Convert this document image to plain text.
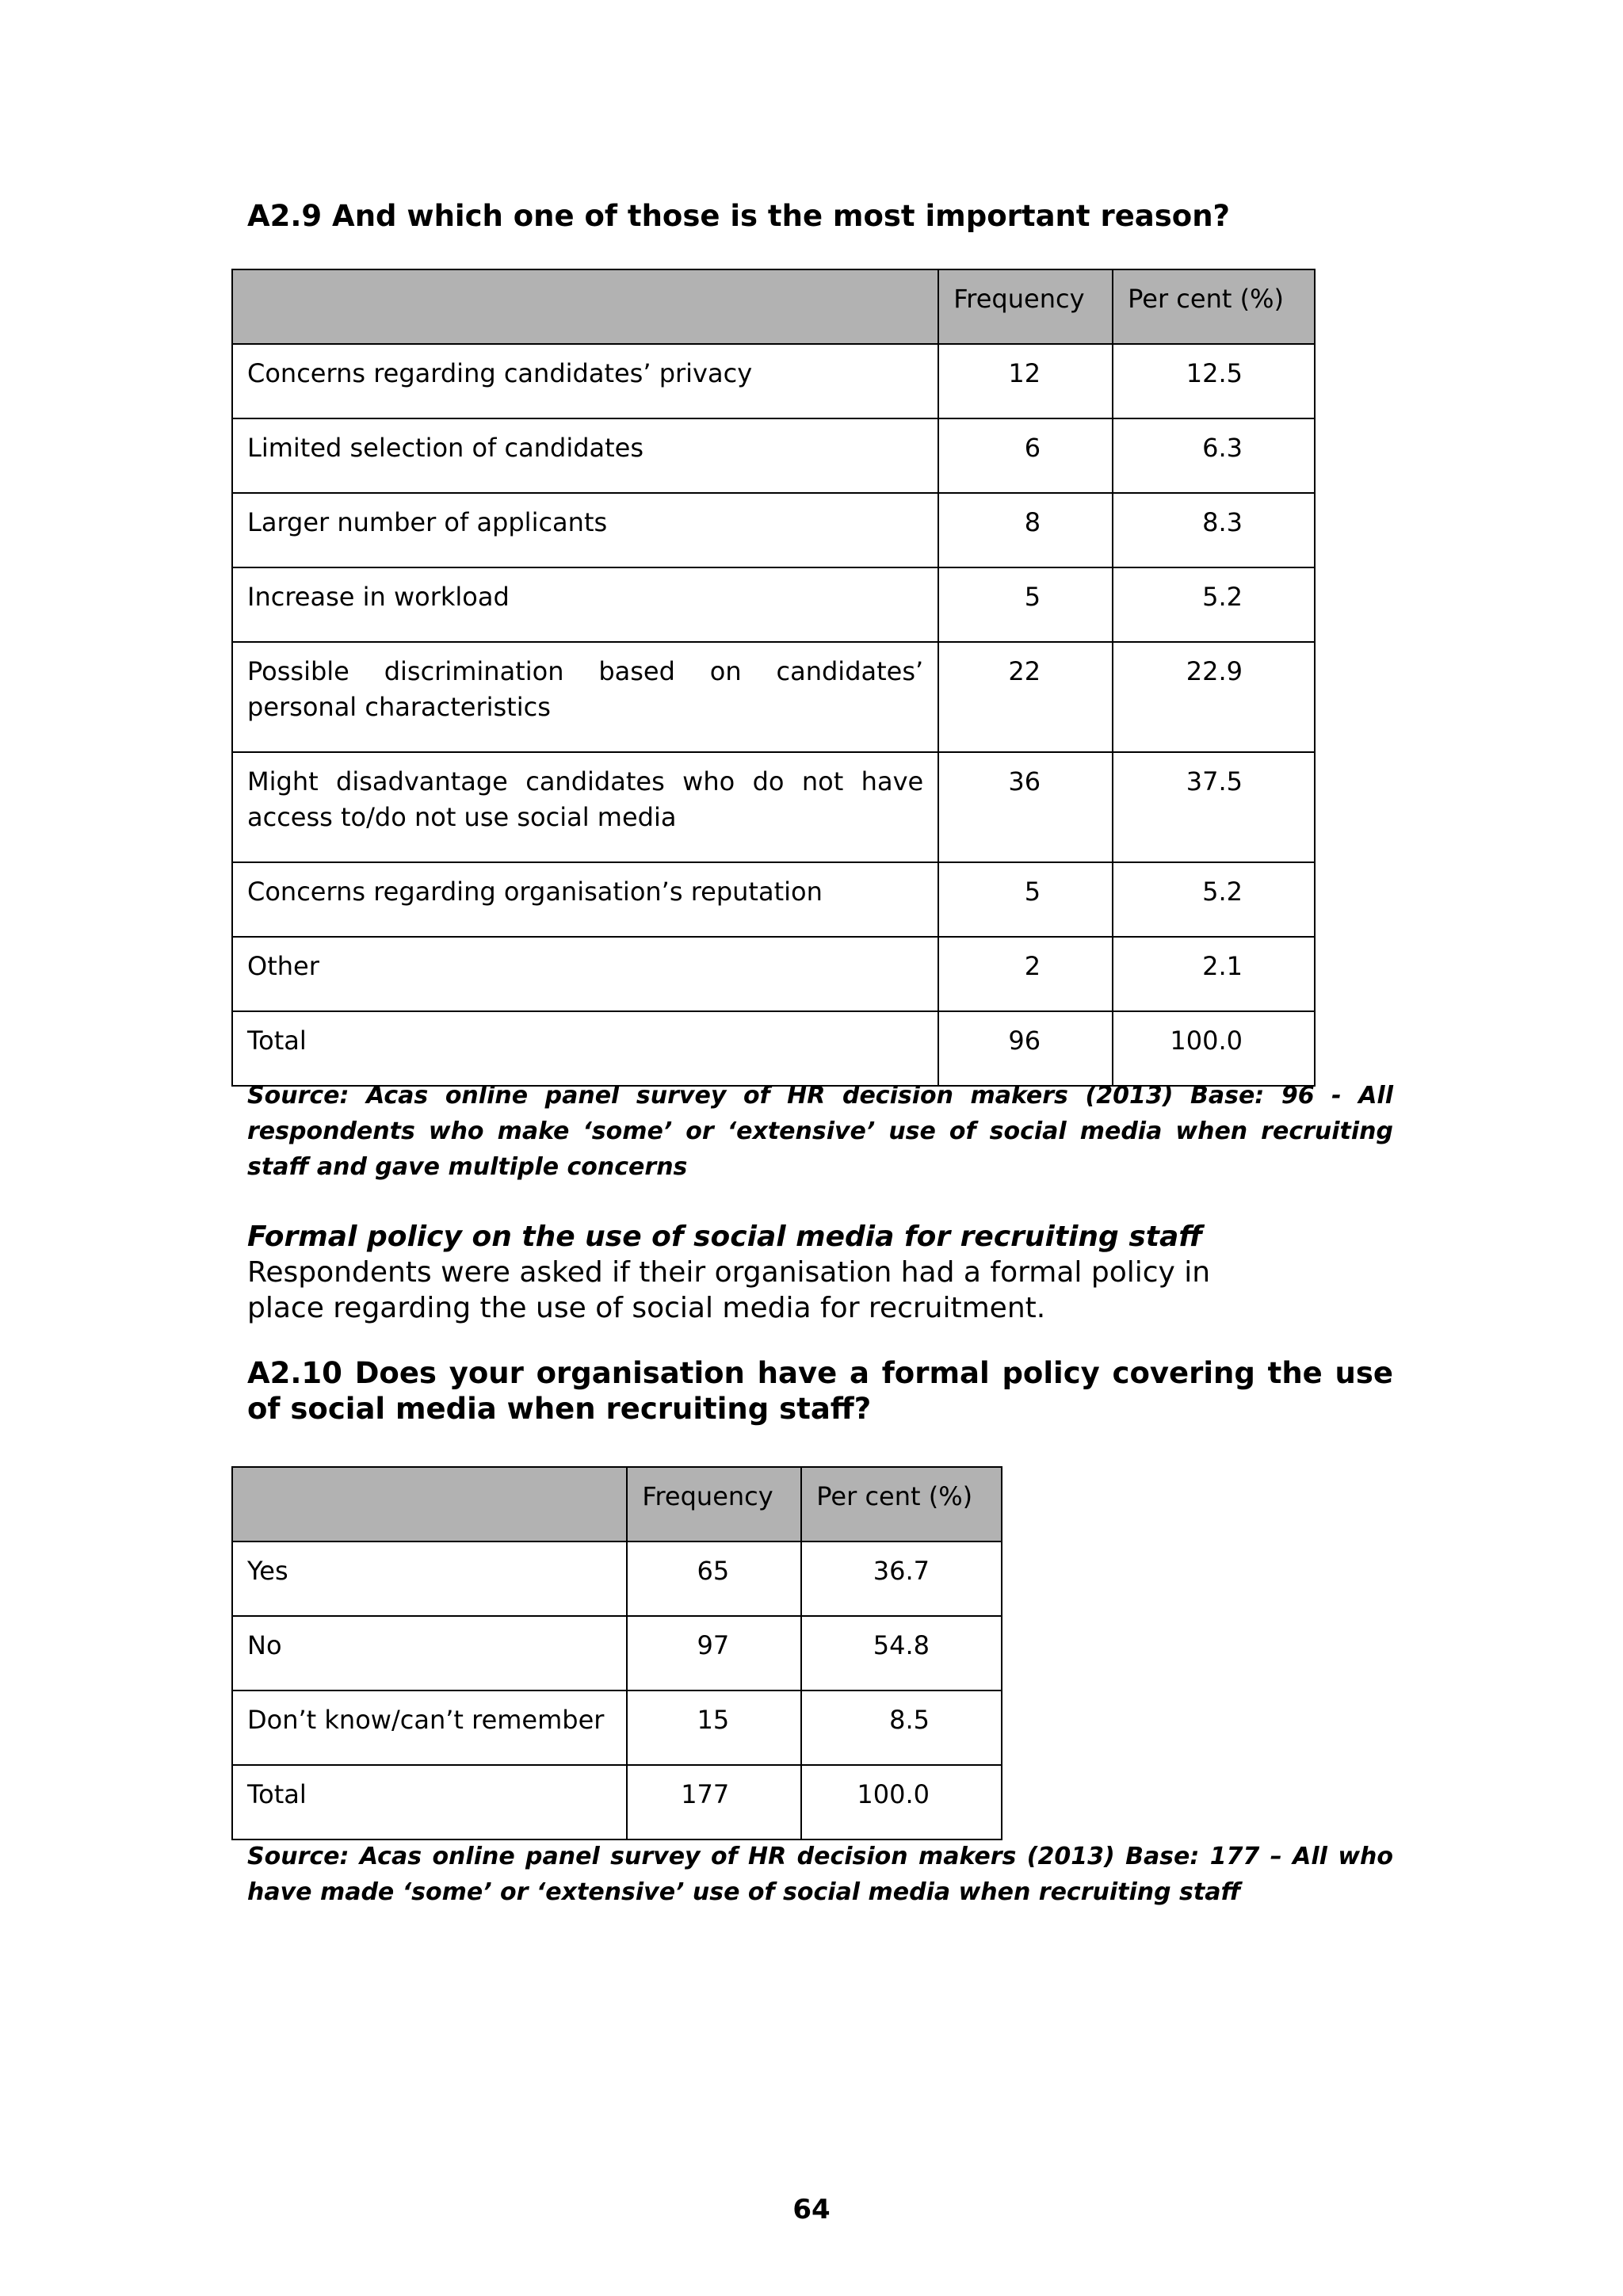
A2.9 And which one of those is the most important reason?
	Frequency	Per cent (%)
Concerns regarding candidates’ privacy	12	12.5
Limited selection of candidates	6	6.3
Larger number of applicants	8	8.3
Increase in workload	5	5.2
Possible discrimination based on candidates’ personal characteristics	22	22.9
Might disadvantage candidates who do not have access to/do not use social media	36	37.5
Concerns regarding organisation’s reputation	5	5.2
Other	2	2.1
Total	96	100.0

Source: Acas online panel survey of HR decision makers (2013) Base: 96 - All respondents who make ‘some’ or ‘extensive’ use of social media when recruiting staff and gave multiple concerns

Formal policy on the use of social media for recruiting staff

Respondents were asked if their organisation had a formal policy in place regarding the use of social media for recruitment.

A2.10 Does your organisation have a formal policy covering the use of social media when recruiting staff?
	Frequency	Per cent (%)
Yes	65	36.7
No	97	54.8
Don’t know/can’t remember	15	8.5
Total	177	100.0

Source: Acas online panel survey of HR decision makers (2013) Base: 177 – All who have made ‘some’ or ‘extensive’ use of social media when recruiting staff

64
